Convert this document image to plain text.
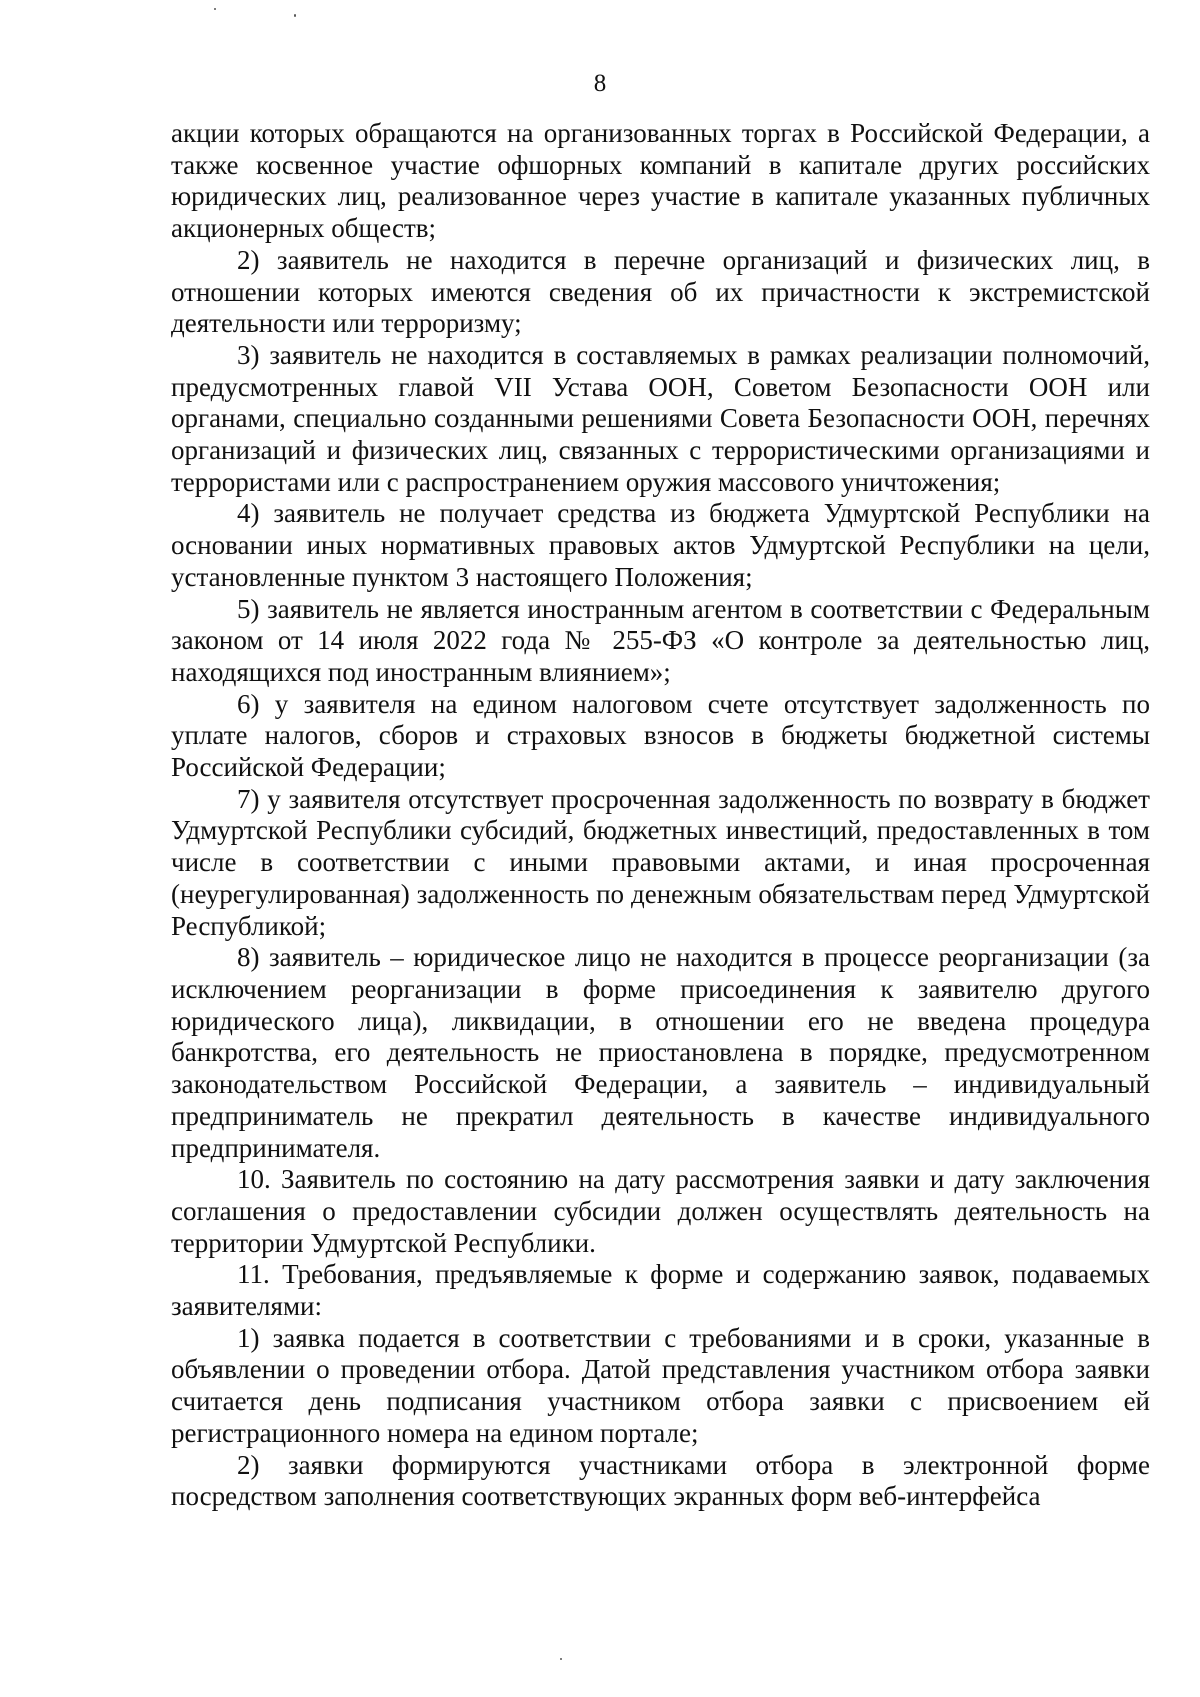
8

акции которых обращаются на организованных торгах в Российской Федерации, а также косвенное участие офшорных компаний в капитале других российских юридических лиц, реализованное через участие в капитале указанных публичных акционерных обществ;

2) заявитель не находится в перечне организаций и физических лиц, в отношении которых имеются сведения об их причастности к экстремистской деятельности или терроризму;

3) заявитель не находится в составляемых в рамках реализации полномочий, предусмотренных главой VII Устава ООН, Советом Безопасности ООН или органами, специально созданными решениями Совета Безопасности ООН, перечнях организаций и физических лиц, связанных с террористическими организациями и террористами или с распространением оружия массового уничтожения;

4) заявитель не получает средства из бюджета Удмуртской Республики на основании иных нормативных правовых актов Удмуртской Республики на цели, установленные пунктом 3 настоящего Положения;

5) заявитель не является иностранным агентом в соответствии с Федеральным законом от 14 июля 2022 года № 255-ФЗ «О контроле за деятельностью лиц, находящихся под иностранным влиянием»;

6) у заявителя на едином налоговом счете отсутствует задолженность по уплате налогов, сборов и страховых взносов в бюджеты бюджетной системы Российской Федерации;

7) у заявителя отсутствует просроченная задолженность по возврату в бюджет Удмуртской Республики субсидий, бюджетных инвестиций, предоставленных в том числе в соответствии с иными правовыми актами, и иная просроченная (неурегулированная) задолженность по денежным обязательствам перед Удмуртской Республикой;

8) заявитель – юридическое лицо не находится в процессе реорганизации (за исключением реорганизации в форме присоединения к заявителю другого юридического лица), ликвидации, в отношении его не введена процедура банкротства, его деятельность не приостановлена в порядке, предусмотренном законодательством Российской Федерации, а заявитель – индивидуальный предприниматель не прекратил деятельность в качестве индивидуального предпринимателя.

10. Заявитель по состоянию на дату рассмотрения заявки и дату заключения соглашения о предоставлении субсидии должен осуществлять деятельность на территории Удмуртской Республики.

11. Требования, предъявляемые к форме и содержанию заявок, подаваемых заявителями:

1) заявка подается в соответствии с требованиями и в сроки, указанные в объявлении о проведении отбора. Датой представления участником отбора заявки считается день подписания участником отбора заявки с присвоением ей регистрационного номера на едином портале;

2) заявки формируются участниками отбора в электронной форме посредством заполнения соответствующих экранных форм веб-интерфейса
